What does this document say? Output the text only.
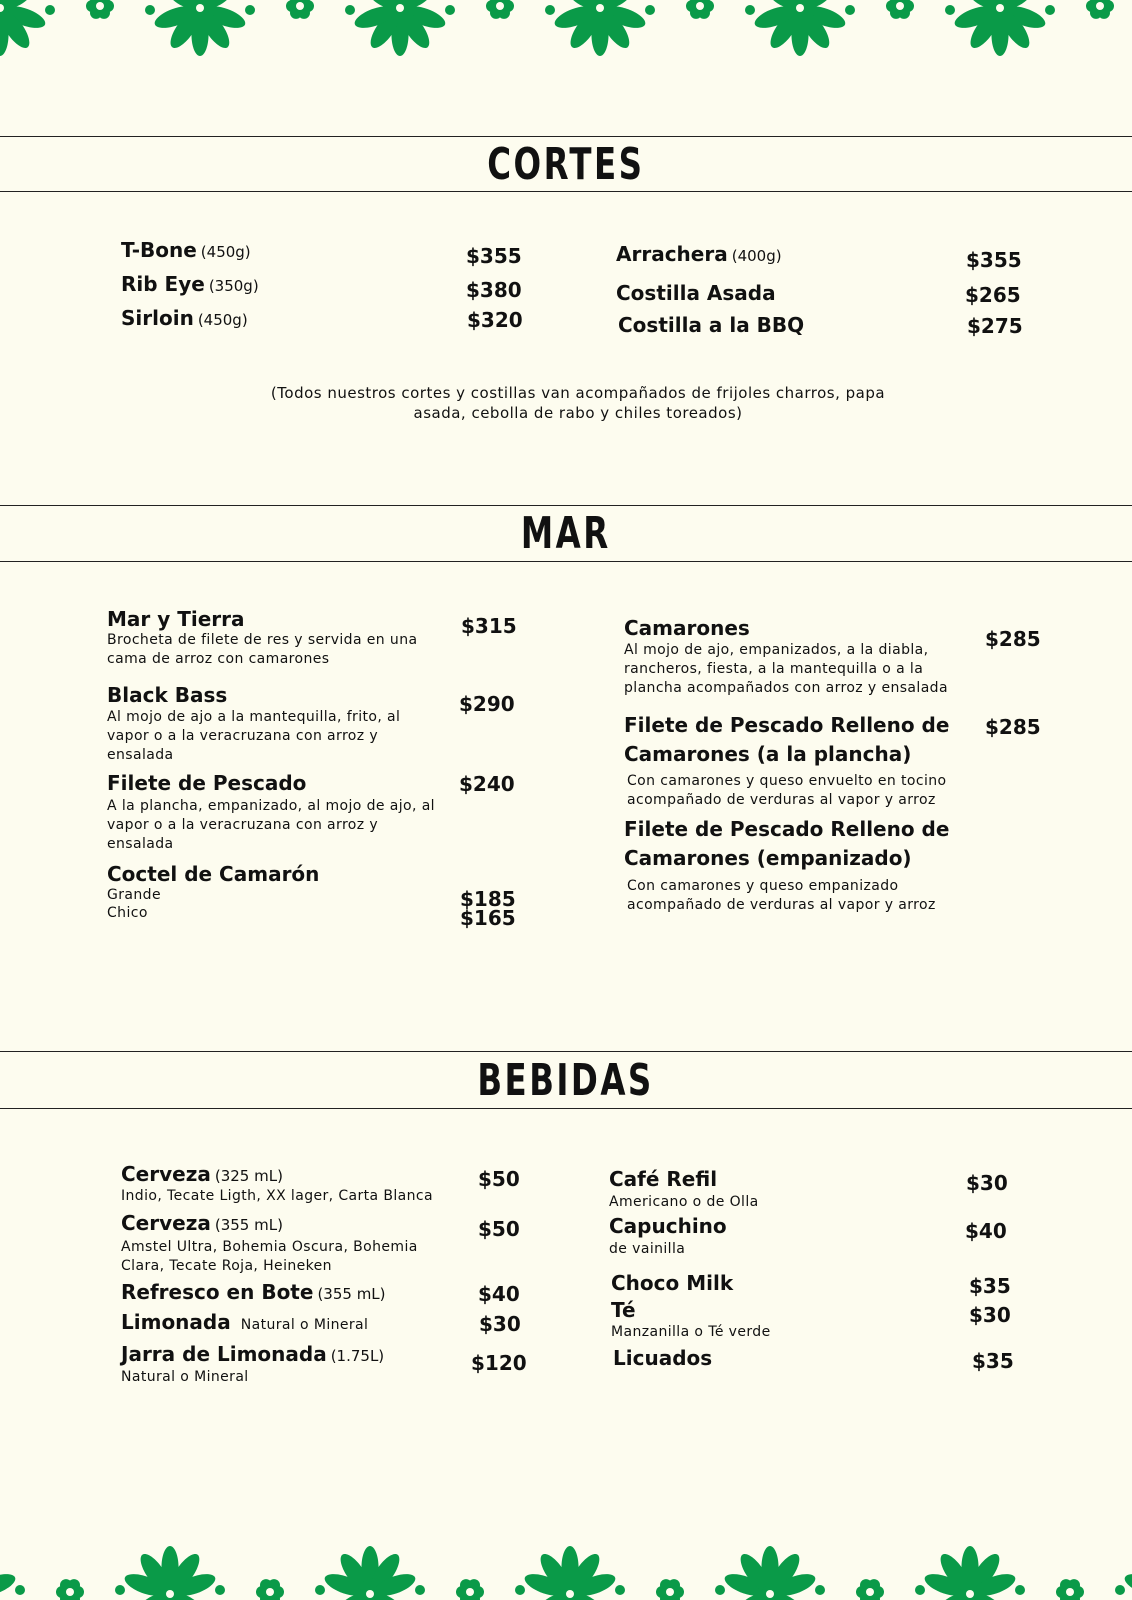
CORTES
T-Bone (450g)	$355
Rib Eye (350g)	$380
Sirloin (450g)	$320
Arrachera (400g)	$355
Costilla Asada	$265
Costilla a la BBQ	$275
(Todos nuestros cortes y costillas van acompañados de frijoles charros, papa asada, cebolla de rabo y chiles toreados)
MAR
Mar y Tierra
Brocheta de filete de res y servida en una cama de arroz con camarones
$315
Black Bass
Al mojo de ajo a la mantequilla, frito, al vapor o a la veracruzana con arroz y ensalada
$290
Filete de Pescado
A la plancha, empanizado, al mojo de ajo, al vapor o a la veracruzana con arroz y ensalada
$240
Coctel de Camarón
Grande	$185
Chico	$165
Camarones
Al mojo de ajo, empanizados, a la diabla, rancheros, fiesta, a la mantequilla o a la plancha acompañados con arroz y ensalada
$285
Filete de Pescado Relleno de Camarones (a la plancha)
Con camarones y queso envuelto en tocino acompañado de verduras al vapor y arroz
$285
Filete de Pescado Relleno de Camarones (empanizado)
Con camarones y queso empanizado acompañado de verduras al vapor y arroz
BEBIDAS
Cerveza (325 mL)
Indio, Tecate Ligth, XX lager, Carta Blanca
$50
Cerveza (355 mL)
Amstel Ultra, Bohemia Oscura, Bohemia Clara, Tecate Roja, Heineken
$50
Refresco en Bote (355 mL)	$40
Limonada Natural o Mineral	$30
Jarra de Limonada (1.75L)
Natural o Mineral
$120
Café Refil
Americano o de Olla
$30
Capuchino
de vainilla
$40
Choco Milk	$35
Té
Manzanilla o Té verde
$30
Licuados	$35
